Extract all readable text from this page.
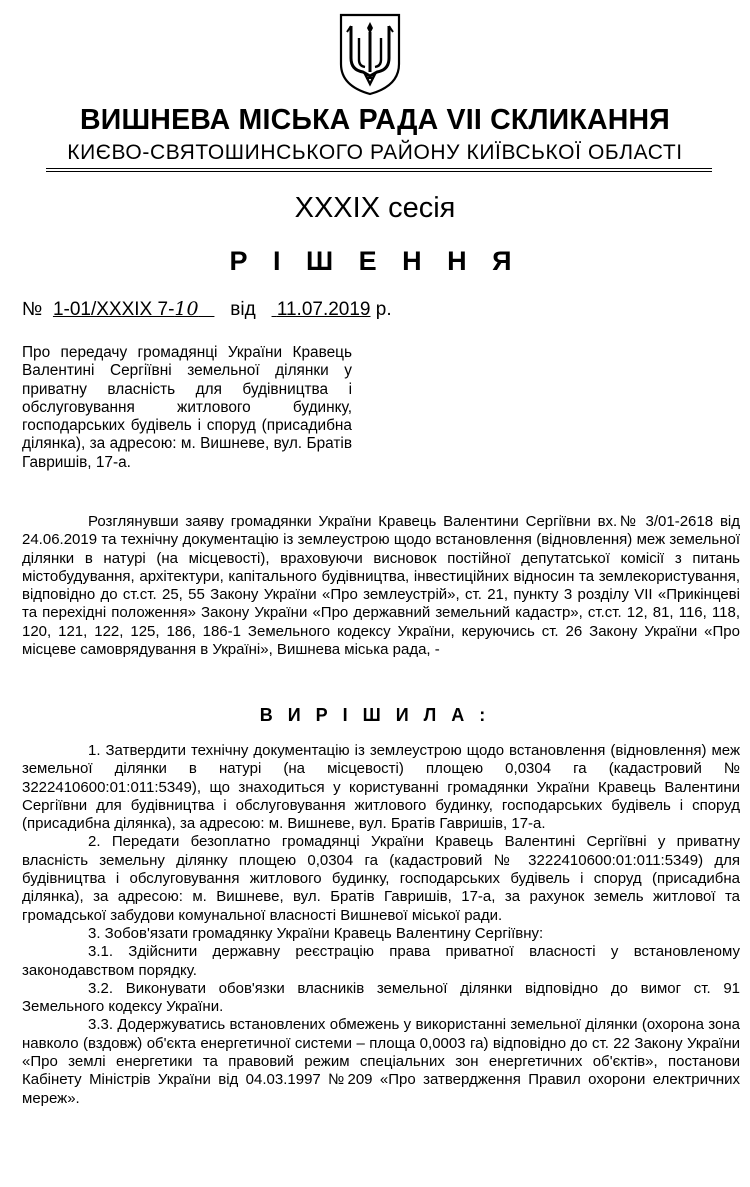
ВИШНЕВА МІСЬКА РАДА VII СКЛИКАННЯ
КИЄВО-СВЯТОШИНСЬКОГО РАЙОНУ КИЇВСЬКОЇ ОБЛАСТІ
XXXIX сесія
Р І Ш Е Н Н Я
№ 1-01/XXXIX 7-10 від 11.07.2019 р.
Про передачу громадянці України Кравець Валентині Сергіївні земельної ділянки у приватну власність для будівництва і обслуговування житлового будинку, господарських будівель і споруд (присадибна ділянка), за адресою: м. Вишневе, вул. Братів Гавришів, 17-а.

Розглянувши заяву громадянки України Кравець Валентини Сергіївни вх.№ 3/01-2618 від 24.06.2019 та технічну документацію із землеустрою щодо встановлення (відновлення) меж земельної ділянки в натурі (на місцевості), враховуючи висновок постійної депутатської комісії з питань містобудування, архітектури, капітального будівництва, інвестиційних відносин та землекористування, відповідно до ст.ст. 25, 55 Закону України «Про землеустрій», ст. 21, пункту 3 розділу VII «Прикінцеві та перехідні положення» Закону України «Про державний земельний кадастр», ст.ст. 12, 81, 116, 118, 120, 121, 122, 125, 186, 186-1 Земельного кодексу України, керуючись ст. 26 Закону України «Про місцеве самоврядування в Україні», Вишнева міська рада, -

В И Р І Ш И Л А :

1. Затвердити технічну документацію із землеустрою щодо встановлення (відновлення) меж земельної ділянки в натурі (на місцевості) площею 0,0304 га (кадастровий № 3222410600:01:011:5349), що знаходиться у користуванні громадянки України Кравець Валентини Сергіївни для будівництва і обслуговування житлового будинку, господарських будівель і споруд (присадибна ділянка), за адресою: м. Вишневе, вул. Братів Гавришів, 17-а.

2. Передати безоплатно громадянці України Кравець Валентині Сергіївні у приватну власність земельну ділянку площею 0,0304 га (кадастровий № 3222410600:01:011:5349) для будівництва і обслуговування житлового будинку, господарських будівель і споруд (присадибна ділянка), за адресою: м. Вишневе, вул. Братів Гавришів, 17-а, за рахунок земель житлової та громадської забудови комунальної власності Вишневої міської ради.

3. Зобов'язати громадянку України Кравець Валентину Сергіївну:

3.1. Здійснити державну реєстрацію права приватної власності у встановленому законодавством порядку.

3.2. Виконувати обов'язки власників земельної ділянки відповідно до вимог ст. 91 Земельного кодексу України.

3.3. Додержуватись встановлених обмежень у використанні земельної ділянки (охорона зона навколо (вздовж) об'єкта енергетичної системи – площа 0,0003 га) відповідно до ст. 22 Закону України «Про землі енергетики та правовий режим спеціальних зон енергетичних об'єктів», постанови Кабінету Міністрів України від 04.03.1997 №209 «Про затвердження Правил охорони електричних мереж».
